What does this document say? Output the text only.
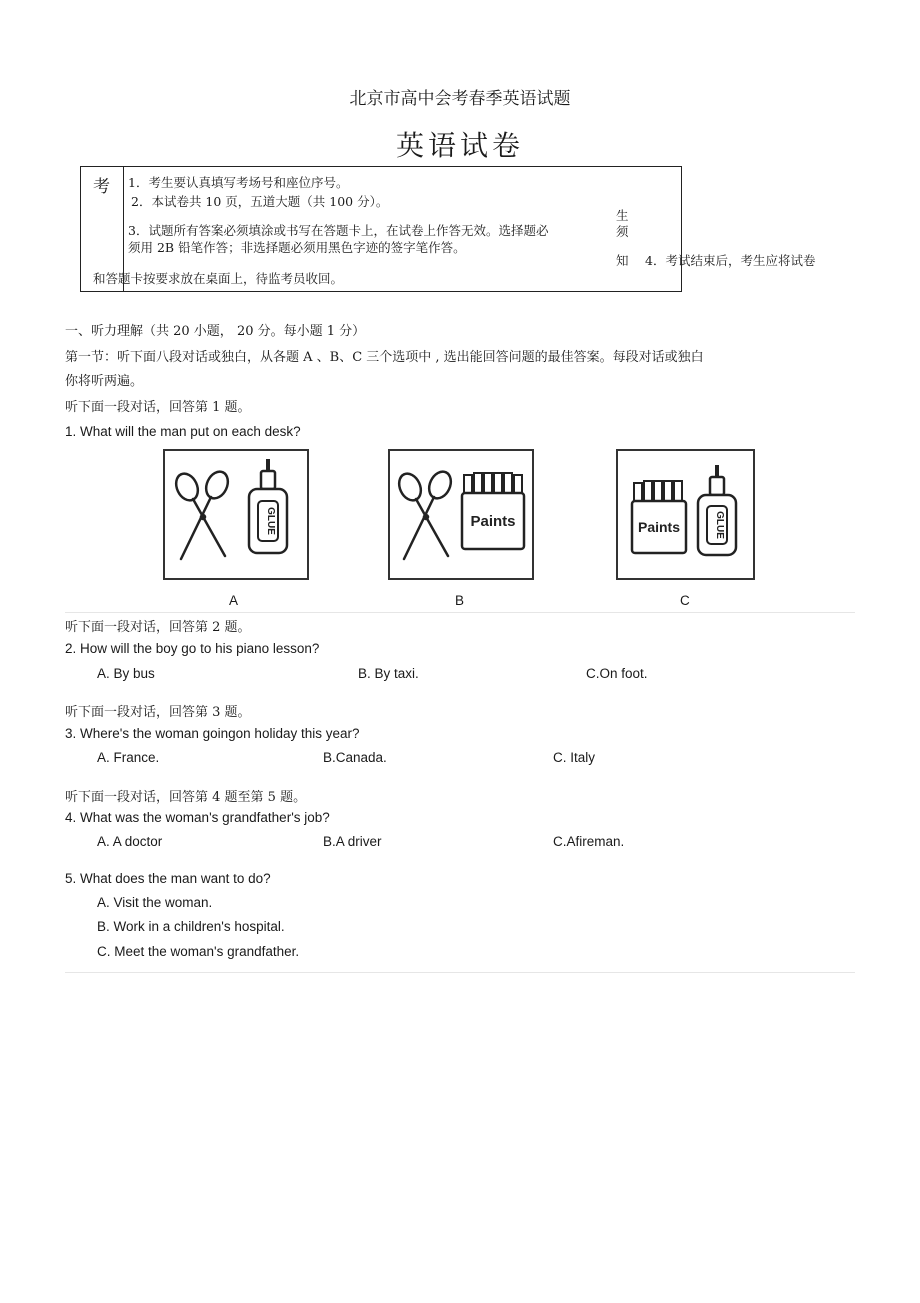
北京市高中会考春季英语试题
英语试卷
考
生
须
知
1．考生要认真填写考场号和座位序号。
2．本试卷共 10 页，五道大题（共 100 分）。
3．试题所有答案必须填涂或书写在答题卡上，在试卷上作答无效。选择题必
须用 2B 铅笔作答；非选择题必须用黑色字迹的签字笔作答。
4．考试结束后，考生应将试卷
和答题卡按要求放在桌面上，待监考员收回。
一、听力理解（共 20 小题， 20 分。每小题 1 分）
第一节：听下面八段对话或独白，从各题 A 、B、C 三个选项中 , 选出能回答问题的最佳答案。每段对话或独白
你将听两遍。
听下面一段对话，回答第 1 题。
1. What will the man put on each desk?
GLUE	Paints	Paints	GLUE
A	B	C
听下面一段对话，回答第 2 题。
2. How will the boy go to his piano lesson?
A. By bus	B. By taxi.	C.On foot.
听下面一段对话，回答第 3 题。
3. Where's the woman goingon holiday this year?
A. France.	B.Canada.	C. Italy
听下面一段对话，回答第 4 题至第 5 题。
4. What was the woman's grandfather's job?
A. A doctor	B.A driver	C.Afireman.
5. What does the man want to do?
A. Visit the woman.
B. Work in a children's hospital.
C. Meet the woman's grandfather.
